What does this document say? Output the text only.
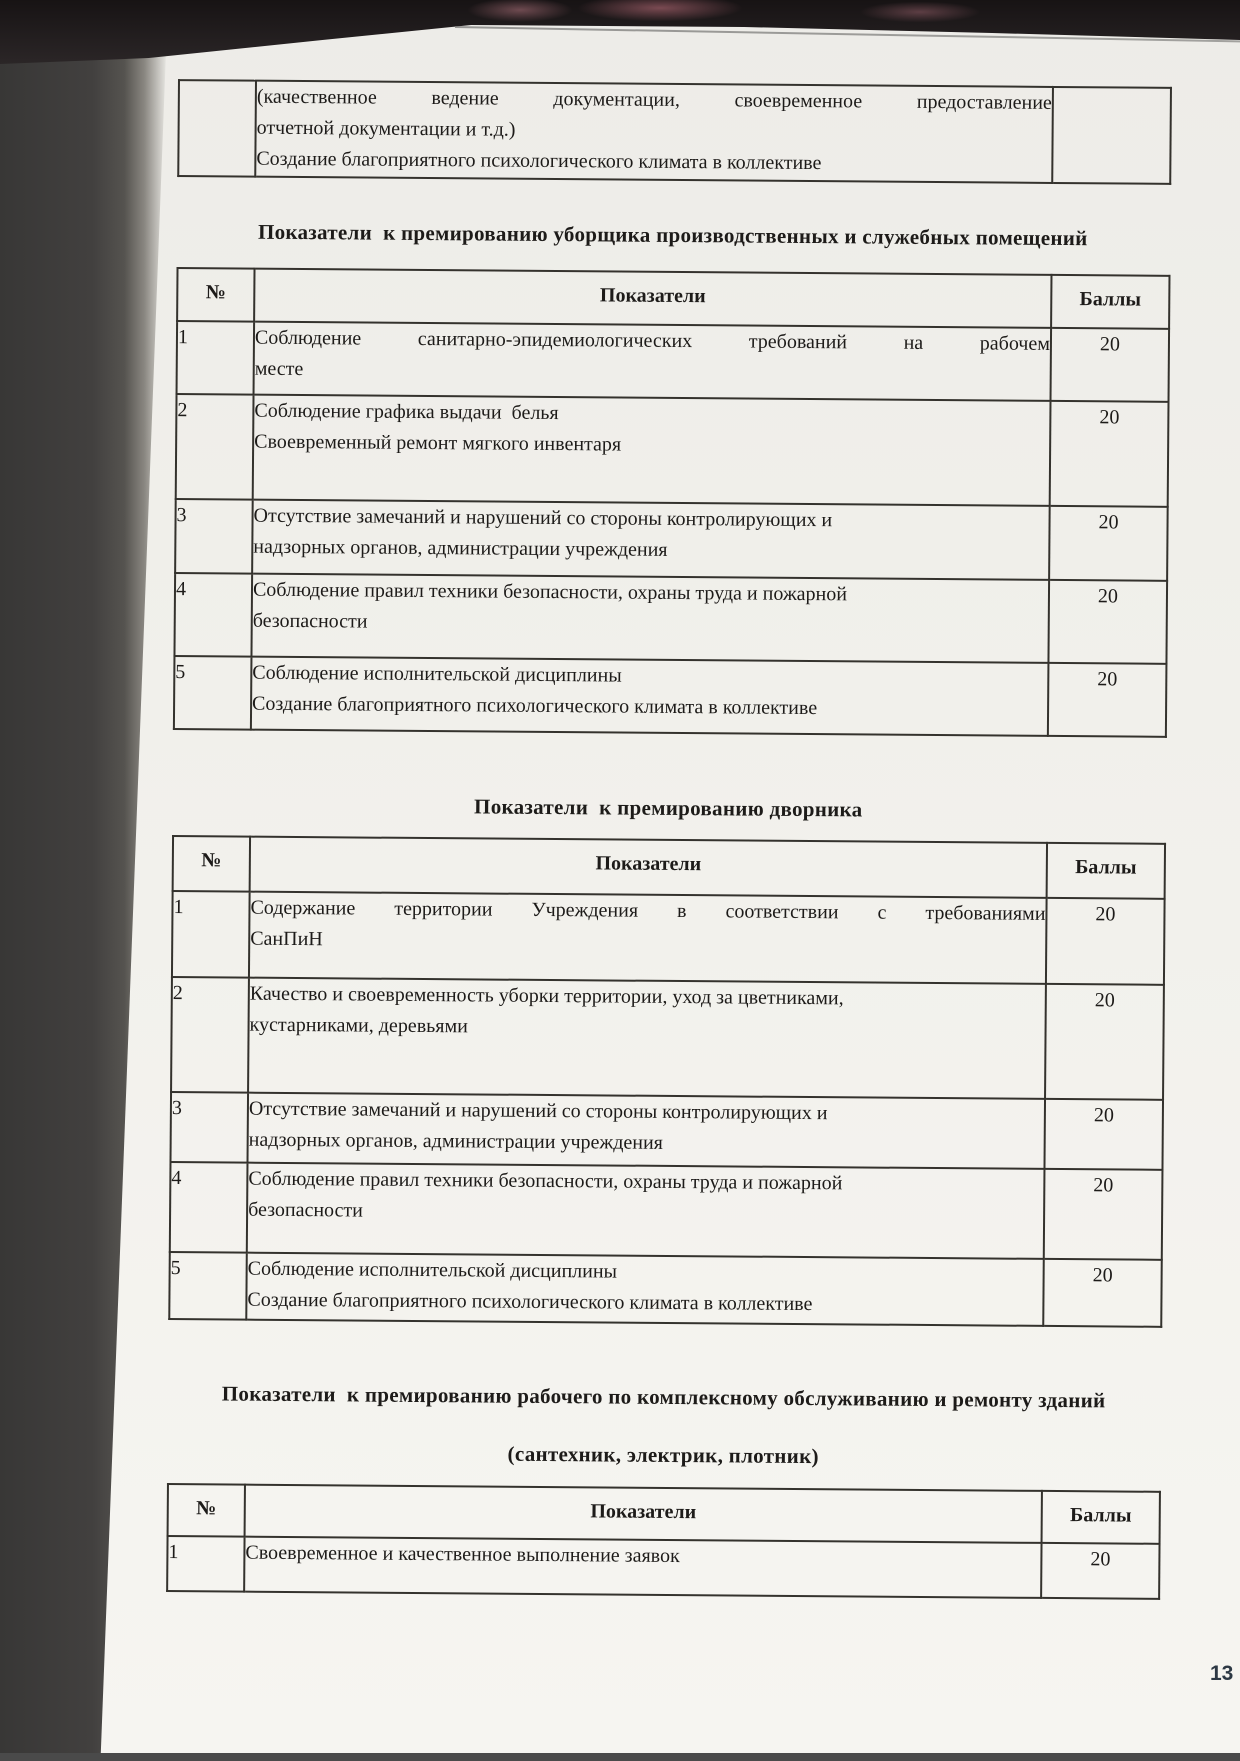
(качественное  ведение  документации,  своевременное  предоставление
отчетной документации и т.д.)
Создание благоприятного психологического климата в коллективе

Показатели  к премированию уборщика производственных и служебных помещений
№	Показатели	Баллы
1	Соблюдение санитарно-эпидемиологических требований на рабочем
месте	20
2	Соблюдение графика выдачи  белья
Своевременный ремонт мягкого инвентаря	20
3	Отсутствие замечаний и нарушений со стороны контролирующих и
надзорных органов, администрации учреждения	20
4	Соблюдение правил техники безопасности, охраны труда и пожарной
безопасности	20
5	Соблюдение исполнительской дисциплины
Создание благоприятного психологического климата в коллективе	20
Показатели  к премированию дворника
№	Показатели	Баллы
1	Содержание территории Учреждения в соответствии с требованиями
СанПиН	20
2	Качество и своевременность уборки территории, уход за цветниками,
кустарниками, деревьями	20
3	Отсутствие замечаний и нарушений со стороны контролирующих и
надзорных органов, администрации учреждения	20
4	Соблюдение правил техники безопасности, охраны труда и пожарной
безопасности	20
5	Соблюдение исполнительской дисциплины
Создание благоприятного психологического климата в коллективе	20
Показатели  к премированию рабочего по комплексному обслуживанию и ремонту зданий
(сантехник, электрик, плотник)
№	Показатели	Баллы
1	Своевременное и качественное выполнение заявок	20
13
